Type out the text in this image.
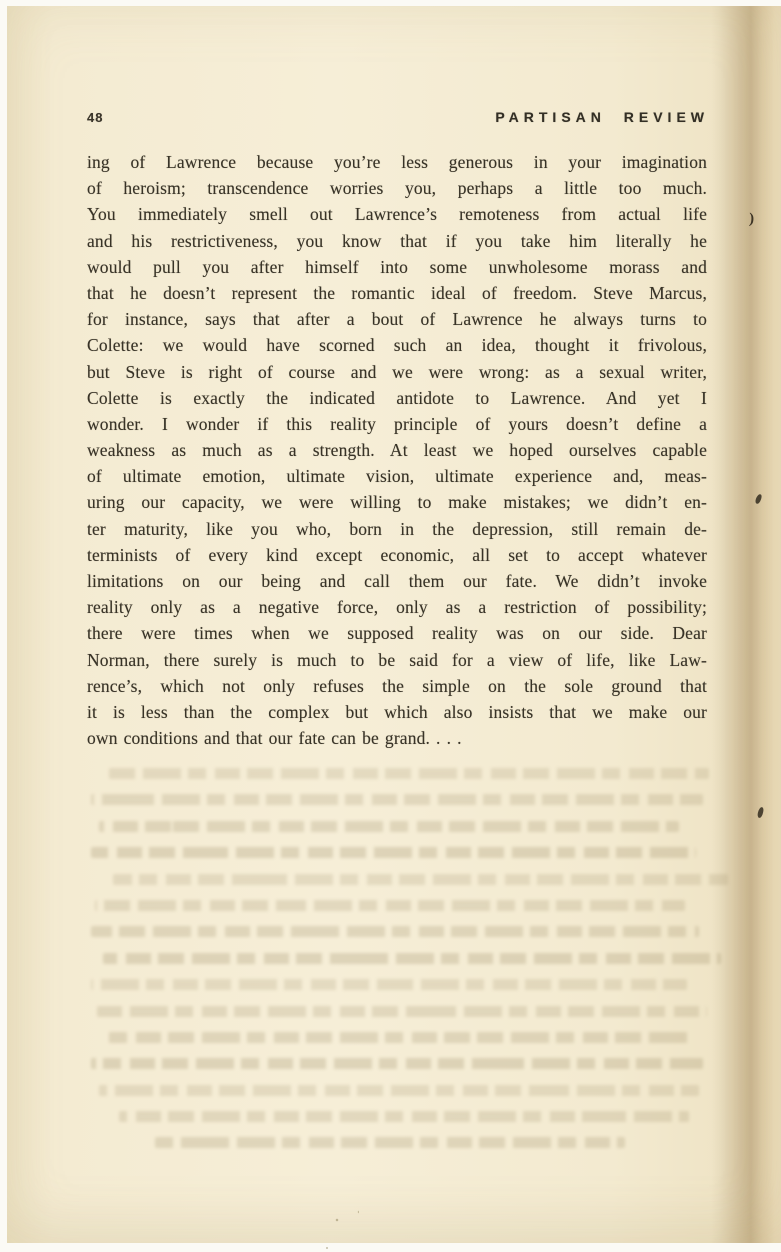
48	PARTISAN REVIEW
ing of Lawrence because you’re less generous in your imagination
of heroism; transcendence worries you, perhaps a little too much.
You immediately smell out Lawrence’s remoteness from actual life
and his restrictiveness, you know that if you take him literally he
would pull you after himself into some unwholesome morass and
that he doesn’t represent the romantic ideal of freedom. Steve Marcus,
for instance, says that after a bout of Lawrence he always turns to
Colette: we would have scorned such an idea, thought it frivolous,
but Steve is right of course and we were wrong: as a sexual writer,
Colette is exactly the indicated antidote to Lawrence. And yet I
wonder. I wonder if this reality principle of yours doesn’t define a
weakness as much as a strength. At least we hoped ourselves capable
of ultimate emotion, ultimate vision, ultimate experience and, meas-
uring our capacity, we were willing to make mistakes; we didn’t en-
ter maturity, like you who, born in the depression, still remain de-
terminists of every kind except economic, all set to accept whatever
limitations on our being and call them our fate. We didn’t invoke
reality only as a negative force, only as a restriction of possibility;
there were times when we supposed reality was on our side. Dear
Norman, there surely is much to be said for a view of life, like Law-
rence’s, which not only refuses the simple on the sole ground that
it is less than the complex but which also insists that we make our
own conditions and that our fate can be grand. . . .
)
